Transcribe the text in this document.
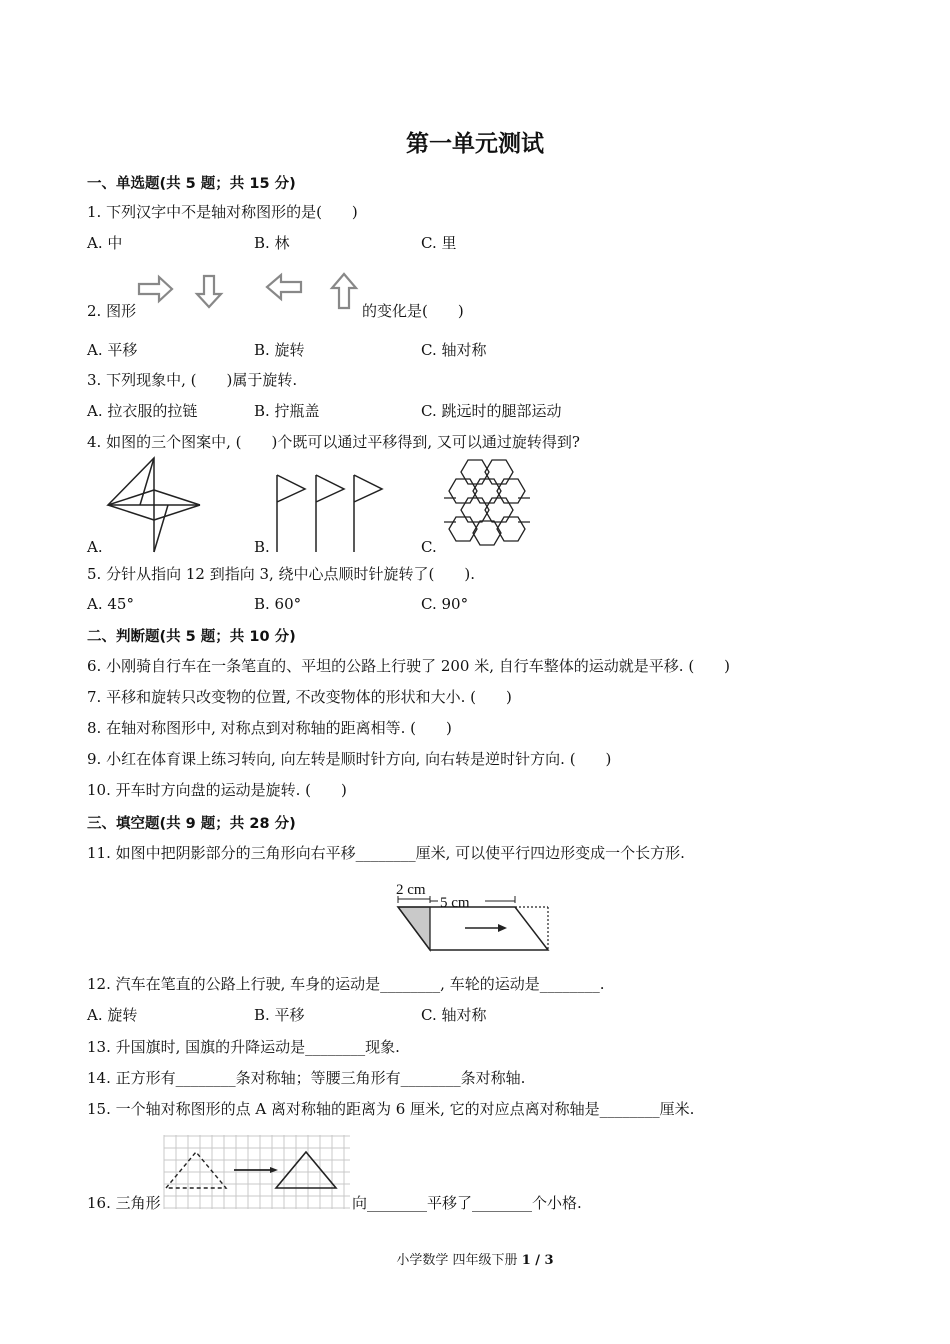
第一单元测试
一、单选题(共 5 题；共 15 分)
1. 下列汉字中不是轴对称图形的是(　　)
A. 中	B. 林	C. 里
2. 图形	的变化是(　　)
A. 平移	B. 旋转	C. 轴对称
3. 下列现象中, (　　)属于旋转.
A. 拉衣服的拉链	B. 拧瓶盖	C. 跳远时的腿部运动
4. 如图的三个图案中, (　　)个既可以通过平移得到, 又可以通过旋转得到?
A.	B.	C.
5. 分针从指向 12 到指向 3, 绕中心点顺时针旋转了(　　).
A. 45°	B. 60°	C. 90°
二、判断题(共 5 题；共 10 分)
6. 小刚骑自行车在一条笔直的、平坦的公路上行驶了 200 米, 自行车整体的运动就是平移. (　　)
7. 平移和旋转只改变物的位置, 不改变物体的形状和大小. (　　)
8. 在轴对称图形中, 对称点到对称轴的距离相等. (　　)
9. 小红在体育课上练习转向, 向左转是顺时针方向, 向右转是逆时针方向. (　　)
10. 开车时方向盘的运动是旋转. (　　)
三、填空题(共 9 题；共 28 分)
11. 如图中把阴影部分的三角形向右平移________厘米, 可以使平行四边形变成一个长方形.
2 cm
5 cm
12. 汽车在笔直的公路上行驶, 车身的运动是________, 车轮的运动是________.
A. 旋转	B. 平移	C. 轴对称
13. 升国旗时, 国旗的升降运动是________现象.
14. 正方形有________条对称轴；等腰三角形有________条对称轴.
15. 一个轴对称图形的点 A 离对称轴的距离为 6 厘米, 它的对应点离对称轴是________厘米.
16. 三角形	向________平移了________个小格.
小学数学 四年级下册 1 / 3
